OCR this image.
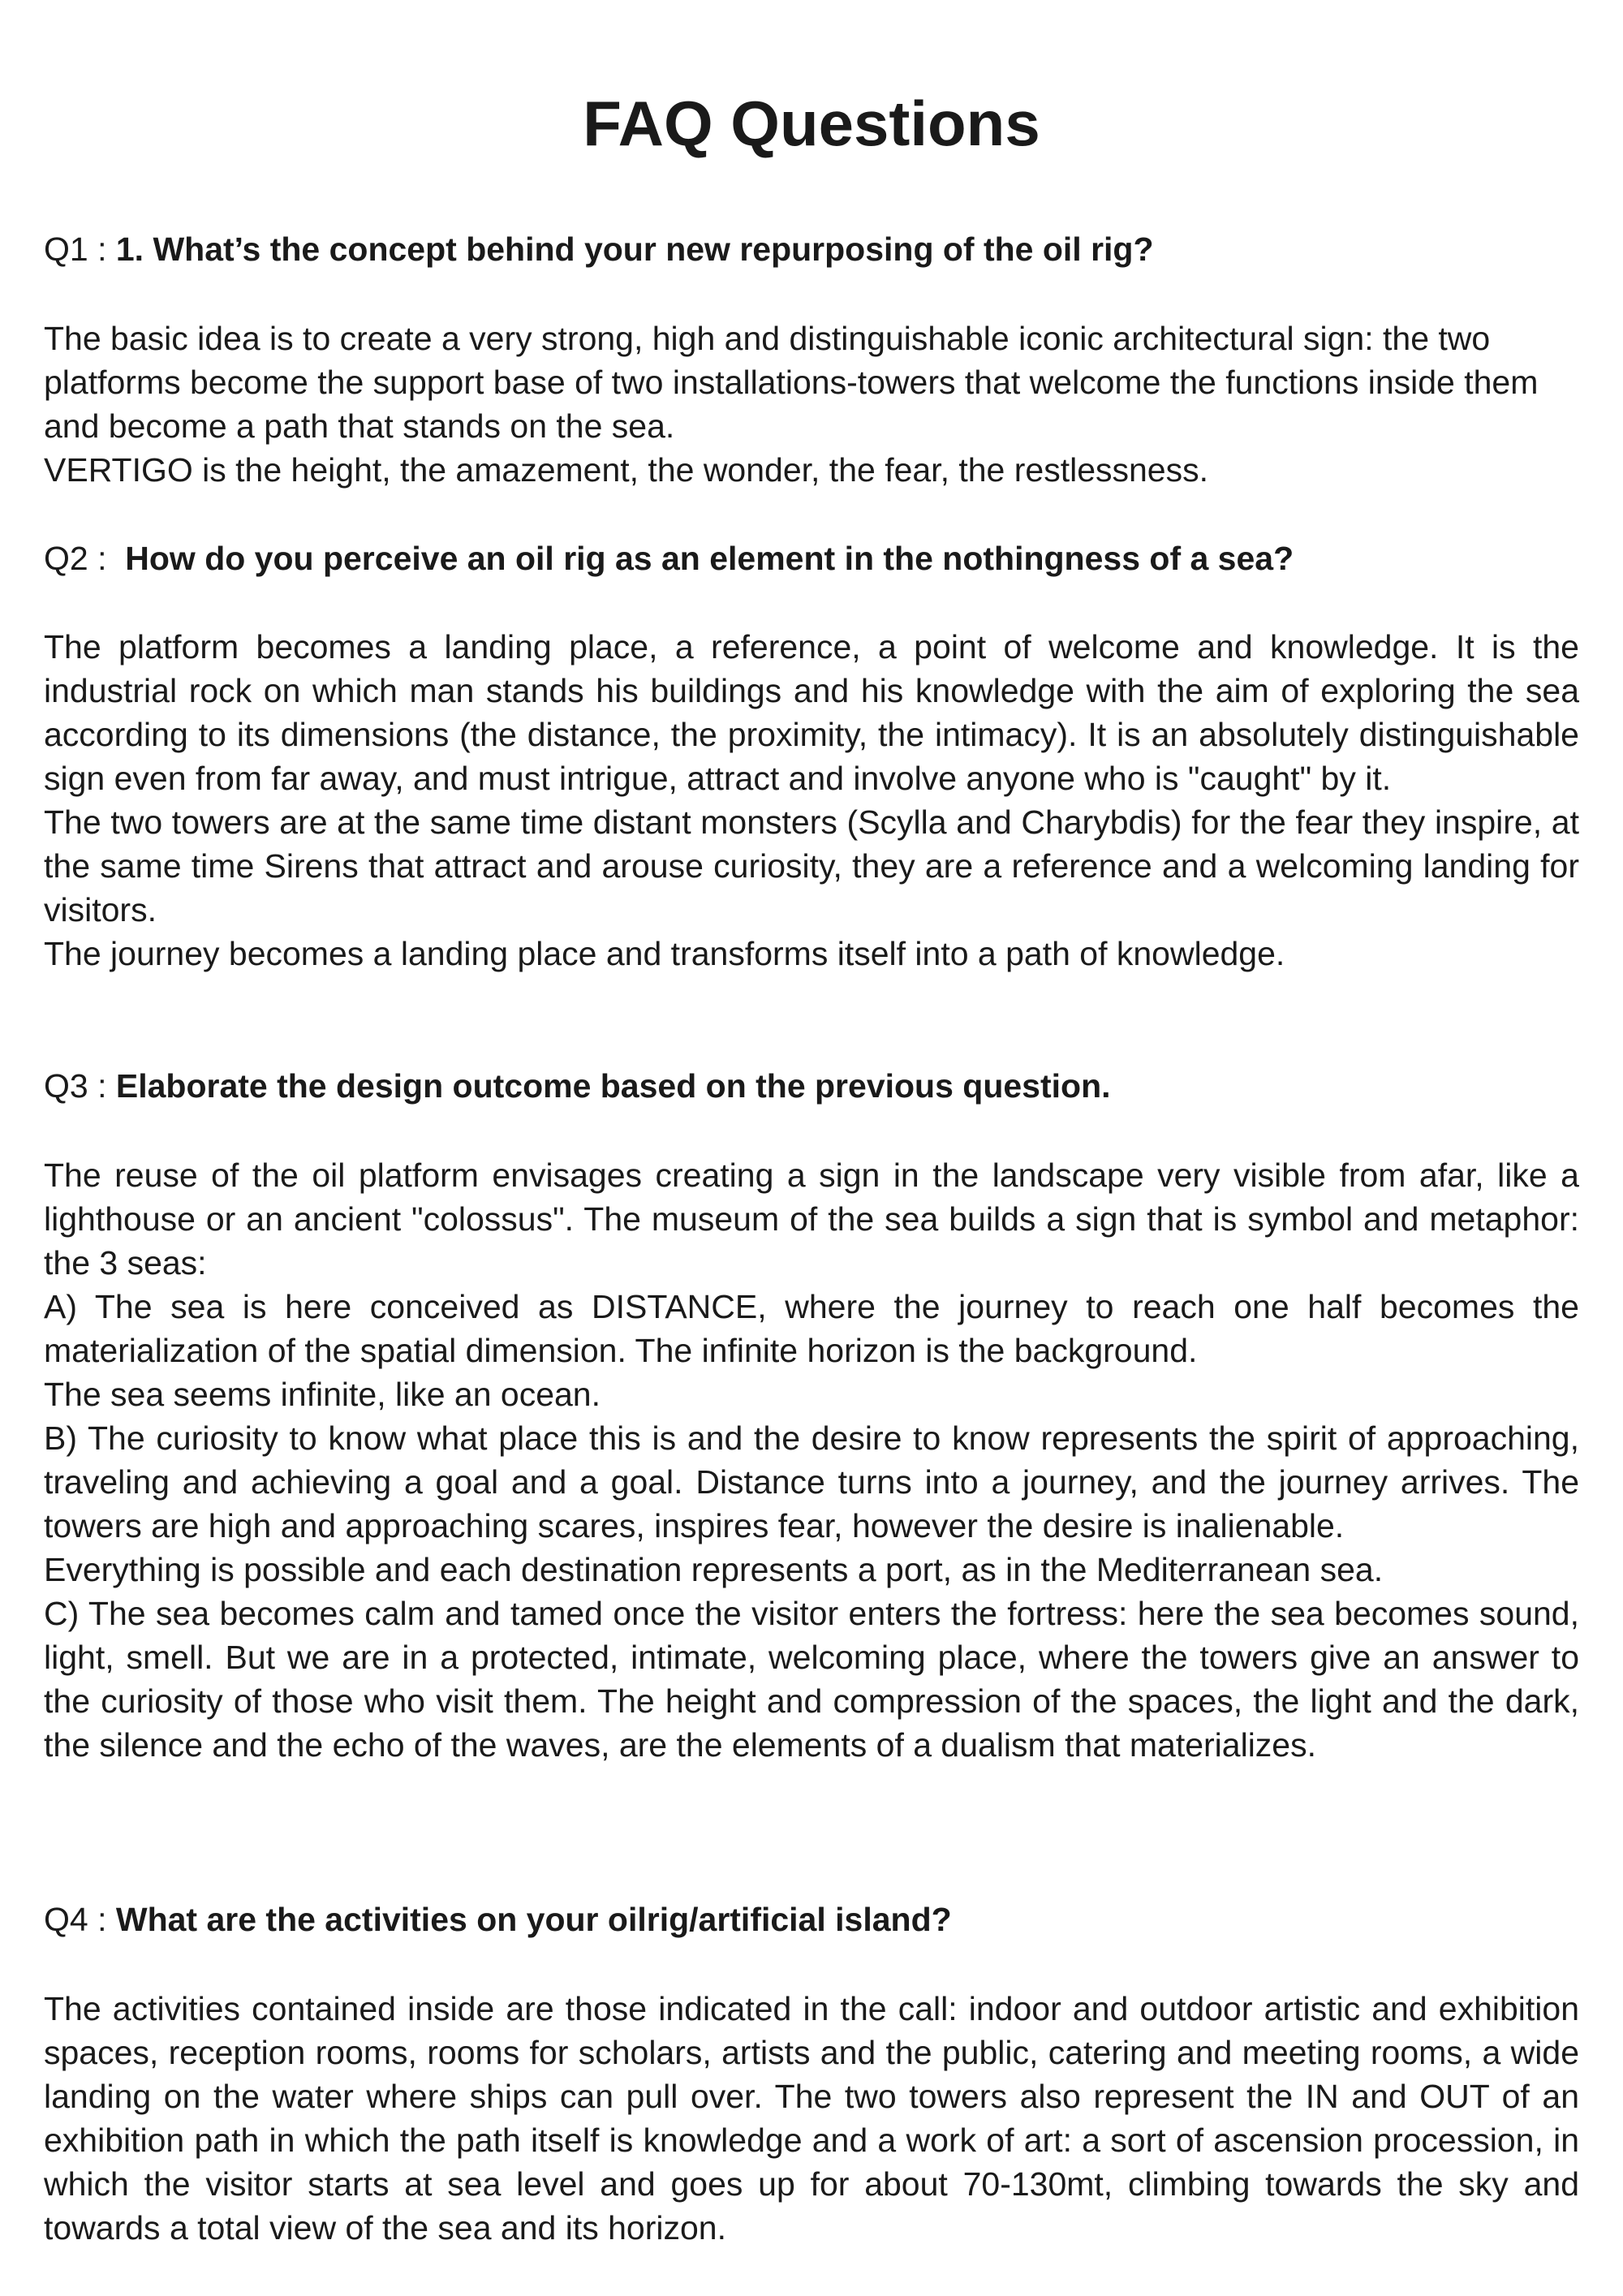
FAQ Questions
Q1 : 1. What’s the concept behind your new repurposing of the oil rig?

The basic idea is to create a very strong, high and distinguishable iconic architectural sign: the two platforms become the support base of two installations-towers that welcome the functions inside them and become a path that stands on the sea.

VERTIGO is the height, the amazement, the wonder, the fear, the restlessness.

Q2 :  How do you perceive an oil rig as an element in the nothingness of a sea?

The platform becomes a landing place, a reference, a point of welcome and knowledge. It is the industrial rock on which man stands his buildings and his knowledge with the aim of exploring the sea according to its dimensions (the distance, the proximity, the intimacy). It is an absolutely distinguishable sign even from far away, and must intrigue, attract and involve anyone who is "caught" by it.

The two towers are at the same time distant monsters (Scylla and Charybdis) for the fear they inspire, at the same time Sirens that attract and arouse curiosity, they are a reference and a welcoming landing for visitors.

The journey becomes a landing place and transforms itself into a path of knowledge.

Q3 : Elaborate the design outcome based on the previous question.

The reuse of the oil platform envisages creating a sign in the landscape very visible from afar, like a lighthouse or an ancient "colossus". The museum of the sea builds a sign that is symbol and metaphor: the 3 seas:

A) The sea is here conceived as DISTANCE, where the journey to reach one half becomes the materialization of the spatial dimension. The infinite horizon is the background.

The sea seems infinite, like an ocean.

B) The curiosity to know what place this is and the desire to know represents the spirit of approaching, traveling and achieving a goal and a goal. Distance turns into a journey, and the journey arrives. The towers are high and approaching scares, inspires fear, however the desire is inalienable.

Everything is possible and each destination represents a port, as in the Mediterranean sea.

C) The sea becomes calm and tamed once the visitor enters the fortress: here the sea becomes sound, light, smell. But we are in a protected, intimate, welcoming place, where the towers give an answer to the curiosity of those who visit them. The height and compression of the spaces, the light and the dark, the silence and the echo of the waves, are the elements of a dualism that materializes.

Q4 : What are the activities on your oilrig/artificial island?

The activities contained inside are those indicated in the call: indoor and outdoor artistic and exhibition spaces, reception rooms, rooms for scholars, artists and the public, catering and meeting rooms, a wide landing on the water where ships can pull over. The two towers also represent the IN and OUT of an exhibition path in which the path itself is knowledge and a work of art: a sort of ascension procession, in which the visitor starts at sea level and goes up for about 70-130mt, climbing towards the sky and towards a total view of the sea and its horizon.
